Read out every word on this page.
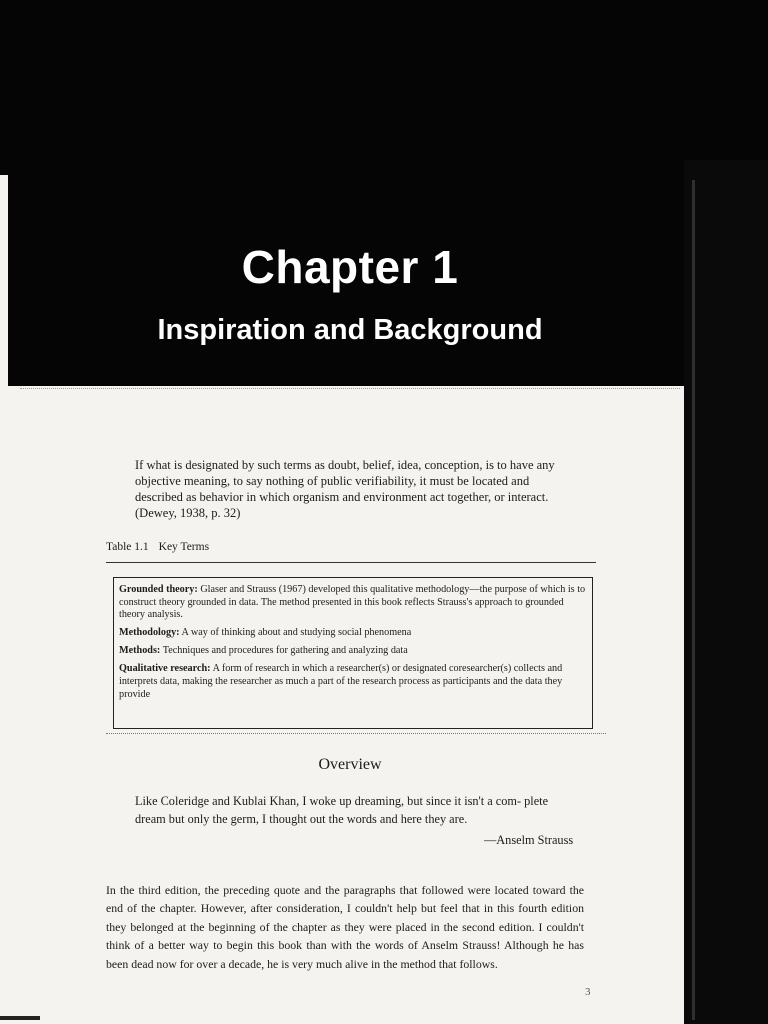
Chapter 1
Inspiration and Background

If what is designated by such terms as doubt, belief, idea, conception, is to have any objective meaning, to say nothing of public verifiability, it must be located and described as behavior in which organism and environment act together, or interact. (Dewey, 1938, p. 32)

Table 1.1 Key Terms

Grounded theory: Glaser and Strauss (1967) developed this qualitative methodology—the purpose of which is to construct theory grounded in data. The method presented in this book reflects Strauss's approach to grounded theory analysis.

Methodology: A way of thinking about and studying social phenomena

Methods: Techniques and procedures for gathering and analyzing data

Qualitative research: A form of research in which a researcher(s) or designated coresearcher(s) collects and interprets data, making the researcher as much a part of the research process as participants and the data they provide

Overview

Like Coleridge and Kublai Khan, I woke up dreaming, but since it isn't a com- plete dream but only the germ, I thought out the words and here they are.

—Anselm Strauss

In the third edition, the preceding quote and the paragraphs that followed were located toward the end of the chapter. However, after consideration, I couldn't help but feel that in this fourth edition they belonged at the beginning of the chapter as they were placed in the second edition. I couldn't think of a better way to begin this book than with the words of Anselm Strauss! Although he has been dead now for over a decade, he is very much alive in the method that follows.

3
